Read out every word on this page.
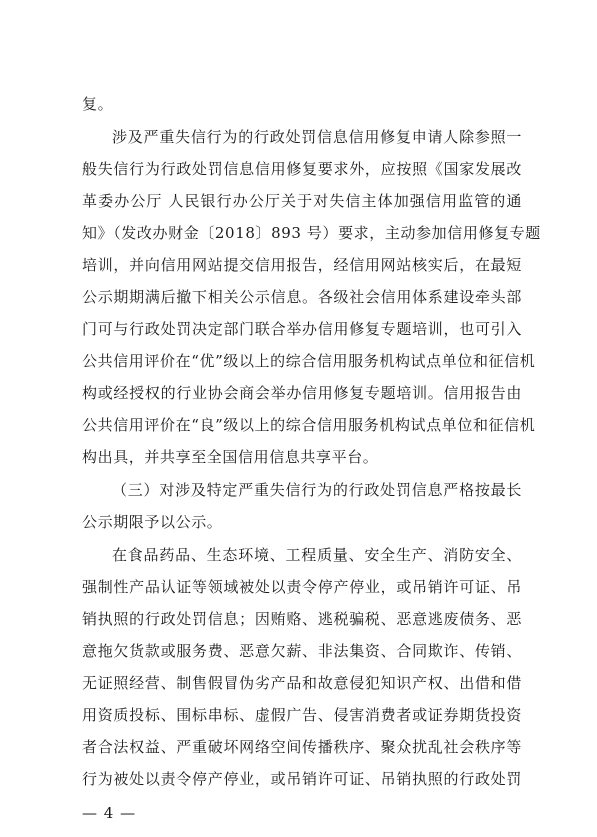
复。
涉及严重失信行为的行政处罚信息信用修复申请人除参照一
般失信行为行政处罚信息信用修复要求外，应按照《国家发展改
革委办公厅 人民银行办公厅关于对失信主体加强信用监管的通
知》（发改办财金〔2018〕893 号）要求，主动参加信用修复专题
培训，并向信用网站提交信用报告，经信用网站核实后，在最短
公示期期满后撤下相关公示信息。各级社会信用体系建设牵头部
门可与行政处罚决定部门联合举办信用修复专题培训，也可引入
公共信用评价在“优”级以上的综合信用服务机构试点单位和征信机
构或经授权的行业协会商会举办信用修复专题培训。信用报告由
公共信用评价在“良”级以上的综合信用服务机构试点单位和征信机
构出具，并共享至全国信用信息共享平台。
（三）对涉及特定严重失信行为的行政处罚信息严格按最长
公示期限予以公示。
在食品药品、生态环境、工程质量、安全生产、消防安全、
强制性产品认证等领域被处以责令停产停业，或吊销许可证、吊
销执照的行政处罚信息；因贿赂、逃税骗税、恶意逃废债务、恶
意拖欠货款或服务费、恶意欠薪、非法集资、合同欺诈、传销、
无证照经营、制售假冒伪劣产品和故意侵犯知识产权、出借和借
用资质投标、围标串标、虚假广告、侵害消费者或证券期货投资
者合法权益、严重破坏网络空间传播秩序、聚众扰乱社会秩序等
行为被处以责令停产停业，或吊销许可证、吊销执照的行政处罚
— 4 —
